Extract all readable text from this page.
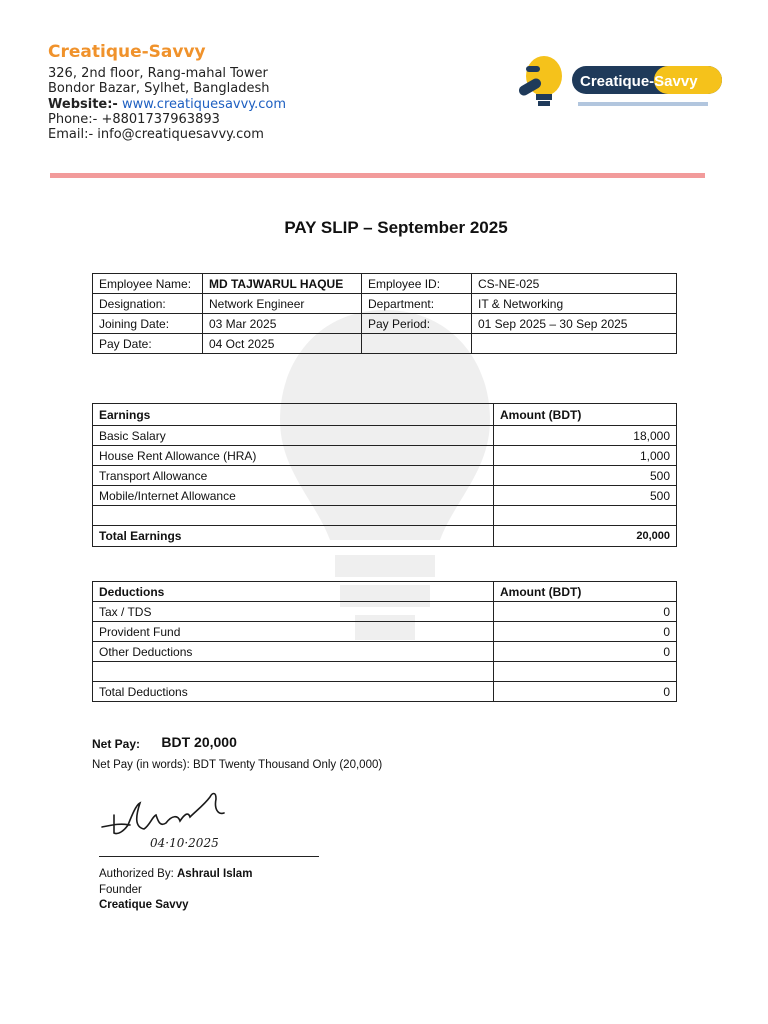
Creatique-Savvy
326, 2nd floor, Rang-mahal Tower
Bondor Bazar, Sylhet, Bangladesh
Website:- www.creatiquesavvy.com
Phone:- +8801737963893
Email:- info@creatiquesavvy.com
Creatique-Savvy
PAY SLIP – September 2025
Employee Name:	MD TAJWARUL HAQUE	Employee ID:	CS-NE-025
Designation:	Network Engineer	Department:	IT & Networking
Joining Date:	03 Mar 2025	Pay Period:	01 Sep 2025 – 30 Sep 2025
Pay Date:	04 Oct 2025		
Earnings	Amount (BDT)
Basic Salary	18,000
House Rent Allowance (HRA)	1,000
Transport Allowance	500
Mobile/Internet Allowance	500

Total Earnings	20,000
Deductions	Amount (BDT)
Tax / TDS	0
Provident Fund	0
Other Deductions	0

Total Deductions	0
Net Pay: BDT 20,000
Net Pay (in words): BDT Twenty Thousand Only (20,000)
04·10·2025
Authorized By: Ashraul Islam
Founder
Creatique Savvy
